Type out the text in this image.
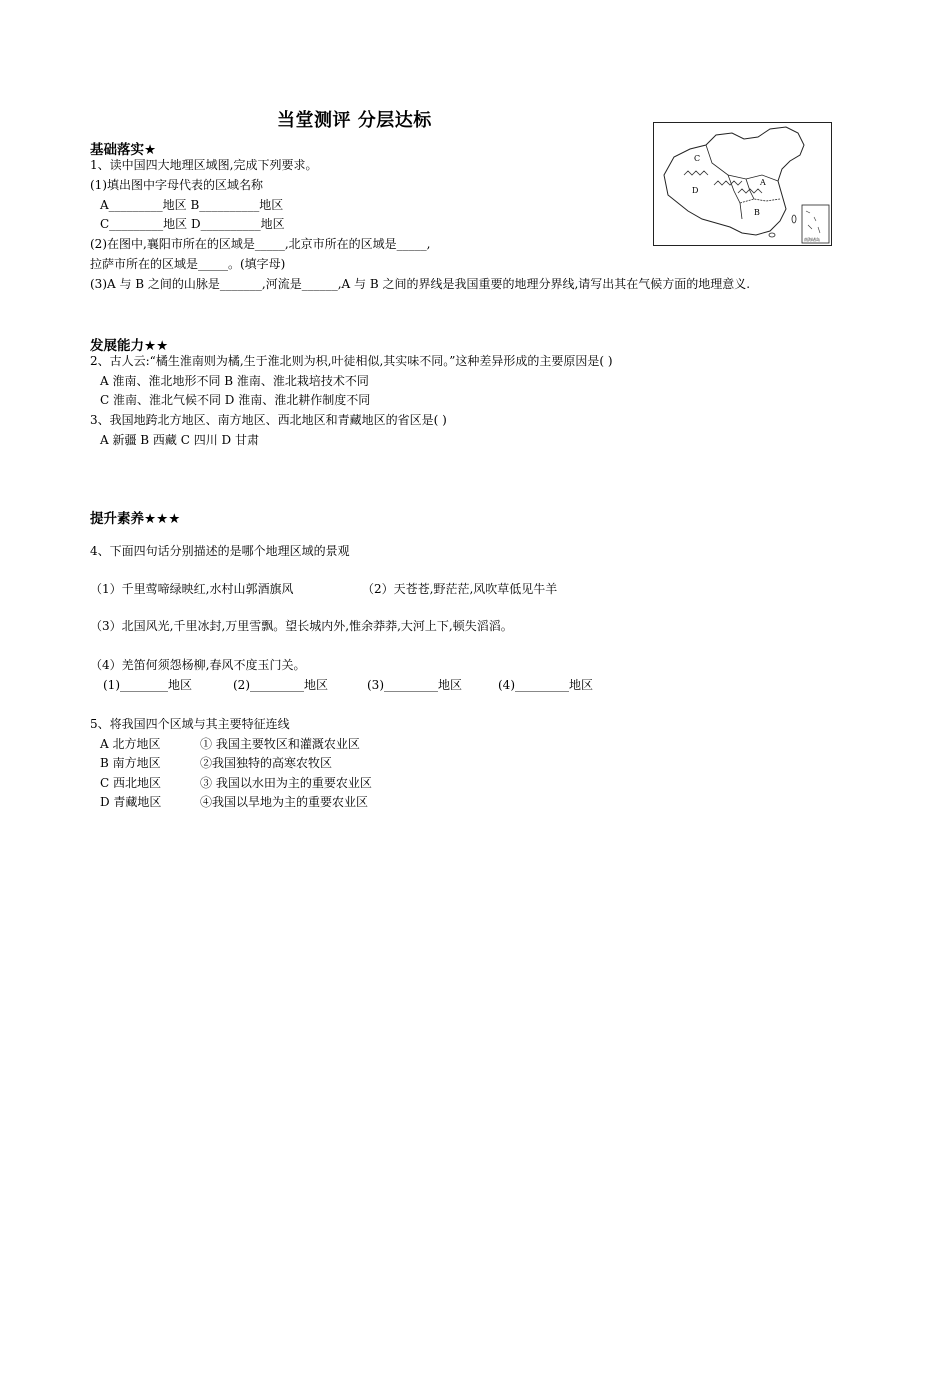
当堂测评 分层达标
基础落实★
1、读中国四大地理区域图,完成下列要求。
(1)填出图中字母代表的区域名称
A_________地区 B__________地区
C_________地区 D__________地区
(2)在图中,襄阳市所在的区域是_____,北京市所在的区域是_____,
拉萨市所在的区域是_____。(填字母)
(3)A 与 B 之间的山脉是_______,河流是______,A 与 B 之间的界线是我国重要的地理分界线,请写出其在气候方面的地理意义.
C
D
A
B
南海诸岛
发展能力★★
2、古人云:“橘生淮南则为橘,生于淮北则为枳,叶徒相似,其实味不同。”这种差异形成的主要原因是( )
A 淮南、淮北地形不同 B 淮南、淮北栽培技术不同
C 淮南、淮北气候不同 D 淮南、淮北耕作制度不同
3、我国地跨北方地区、南方地区、西北地区和青藏地区的省区是( )
A 新疆 B 西藏 C 四川 D 甘肃
提升素养★★★
4、下面四句话分别描述的是哪个地理区域的景观
（1）千里莺啼绿映红,水村山郭酒旗风	（2）天苍苍,野茫茫,风吹草低见牛羊
（3）北国风光,千里冰封,万里雪飘。望长城内外,惟余莽莽,大河上下,顿失滔滔。
（4）羌笛何须怨杨柳,春风不度玉门关。
(1)________地区	(2)_________地区	(3)_________地区	(4)_________地区
5、将我国四个区域与其主要特征连线
A 北方地区	① 我国主要牧区和灌溉农业区
B 南方地区	②我国独特的高寒农牧区
C 西北地区	③ 我国以水田为主的重要农业区
D 青藏地区	④我国以旱地为主的重要农业区
